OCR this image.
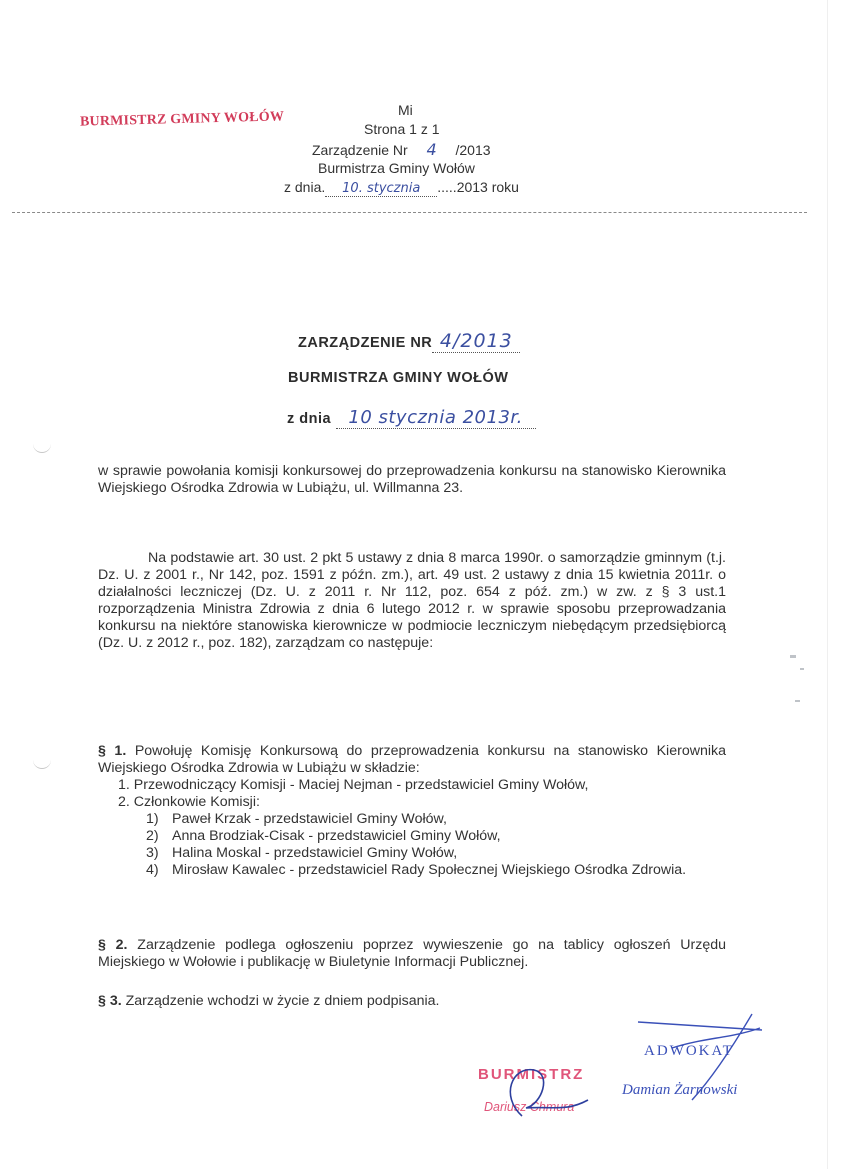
BURMISTRZ GMINY WOŁÓW	Mi
Strona 1 z 1
Zarządzenie Nr 4 /2013
Burmistrza Gminy Wołów
z dnia. 10. stycznia .....2013 roku
ZARZĄDZENIE NR 4/2013
BURMISTRZA GMINY WOŁÓW
z dnia 10 stycznia 2013r.

w sprawie powołania komisji konkursowej do przeprowadzenia konkursu na stanowisko Kierownika Wiejskiego Ośrodka Zdrowia w Lubiążu, ul. Willmanna 23.

Na podstawie art. 30 ust. 2 pkt 5 ustawy z dnia 8 marca 1990r. o samorządzie gminnym (t.j. Dz. U. z 2001 r., Nr 142, poz. 1591 z późn. zm.), art. 49 ust. 2 ustawy z dnia 15 kwietnia 2011r. o działalności leczniczej (Dz. U. z 2011 r. Nr 112, poz. 654 z póź. zm.) w zw. z § 3 ust.1 rozporządzenia Ministra Zdrowia z dnia 6 lutego 2012 r. w sprawie sposobu przeprowadzania konkursu na niektóre stanowiska kierownicze w podmiocie leczniczym niebędącym przedsiębiorcą (Dz. U. z 2012 r., poz. 182), zarządzam co następuje:

§ 1. Powołuję Komisję Konkursową do przeprowadzenia konkursu na stanowisko Kierownika Wiejskiego Ośrodka Zdrowia w Lubiążu w składzie:

1. Przewodniczący Komisji - Maciej Nejman - przedstawiciel Gminy Wołów,
2. Członkowie Komisji:
1) Paweł Krzak - przedstawiciel Gminy Wołów,
2) Anna Brodziak-Cisak - przedstawiciel Gminy Wołów,
3) Halina Moskal - przedstawiciel Gminy Wołów,
4) Mirosław Kawalec - przedstawiciel Rady Społecznej Wiejskiego Ośrodka Zdrowia.

§ 2. Zarządzenie podlega ogłoszeniu poprzez wywieszenie go na tablicy ogłoszeń Urzędu Miejskiego w Wołowie i publikację w Biuletynie Informacji Publicznej.

§ 3. Zarządzenie wchodzi w życie z dniem podpisania.

BURMISTRZ
Dariusz Chmura
ADWOKAT
Damian Żarnowski
